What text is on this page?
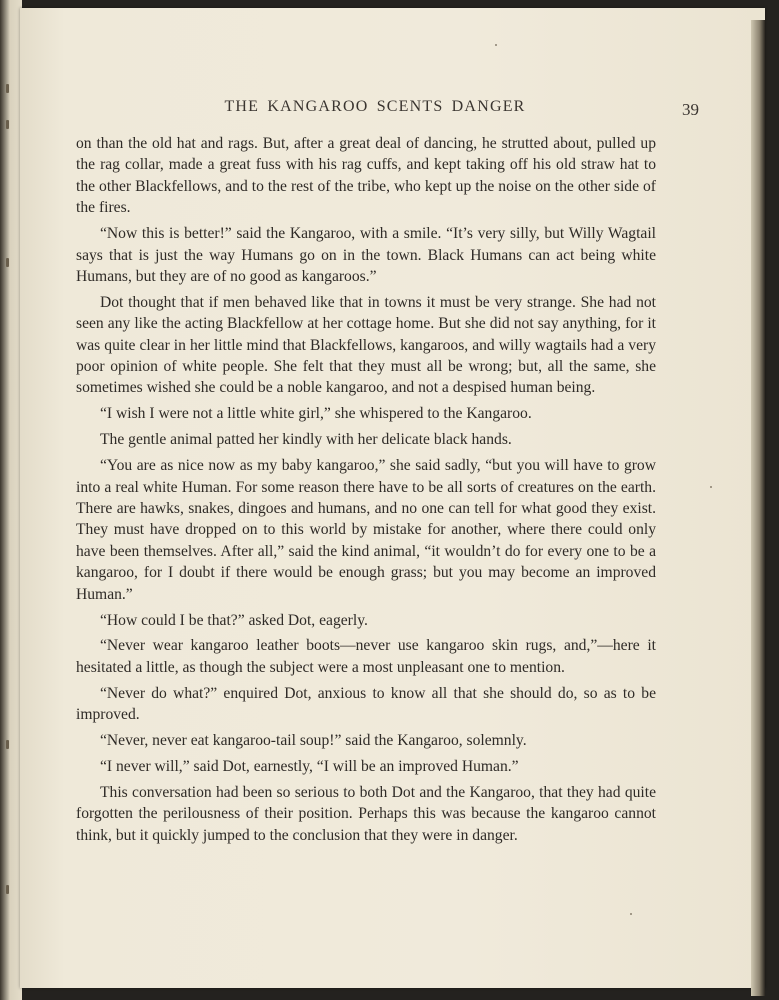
THE KANGAROO SCENTS DANGER	39

on than the old hat and rags. But, after a great deal of dancing, he strutted about, pulled up the rag collar, made a great fuss with his rag cuffs, and kept taking off his old straw hat to the other Blackfellows, and to the rest of the tribe, who kept up the noise on the other side of the fires.

“Now this is better!” said the Kangaroo, with a smile. “It’s very silly, but Willy Wagtail says that is just the way Humans go on in the town. Black Humans can act being white Humans, but they are of no good as kangaroos.”

Dot thought that if men behaved like that in towns it must be very strange. She had not seen any like the acting Blackfellow at her cottage home. But she did not say anything, for it was quite clear in her little mind that Blackfellows, kangaroos, and willy wagtails had a very poor opinion of white people. She felt that they must all be wrong; but, all the same, she sometimes wished she could be a noble kangaroo, and not a despised human being.

“I wish I were not a little white girl,” she whispered to the Kangaroo.

The gentle animal patted her kindly with her delicate black hands.

“You are as nice now as my baby kangaroo,” she said sadly, “but you will have to grow into a real white Human. For some reason there have to be all sorts of creatures on the earth. There are hawks, snakes, dingoes and humans, and no one can tell for what good they exist. They must have dropped on to this world by mistake for another, where there could only have been themselves. After all,” said the kind animal, “it wouldn’t do for every one to be a kangaroo, for I doubt if there would be enough grass; but you may become an improved Human.”

“How could I be that?” asked Dot, eagerly.

“Never wear kangaroo leather boots—never use kangaroo skin rugs, and,”—here it hesitated a little, as though the subject were a most unpleasant one to mention.

“Never do what?” enquired Dot, anxious to know all that she should do, so as to be improved.

“Never, never eat kangaroo-tail soup!” said the Kangaroo, solemnly.

“I never will,” said Dot, earnestly, “I will be an improved Human.”

This conversation had been so serious to both Dot and the Kangaroo, that they had quite forgotten the perilousness of their position. Perhaps this was because the kangaroo cannot think, but it quickly jumped to the conclusion that they were in danger.
